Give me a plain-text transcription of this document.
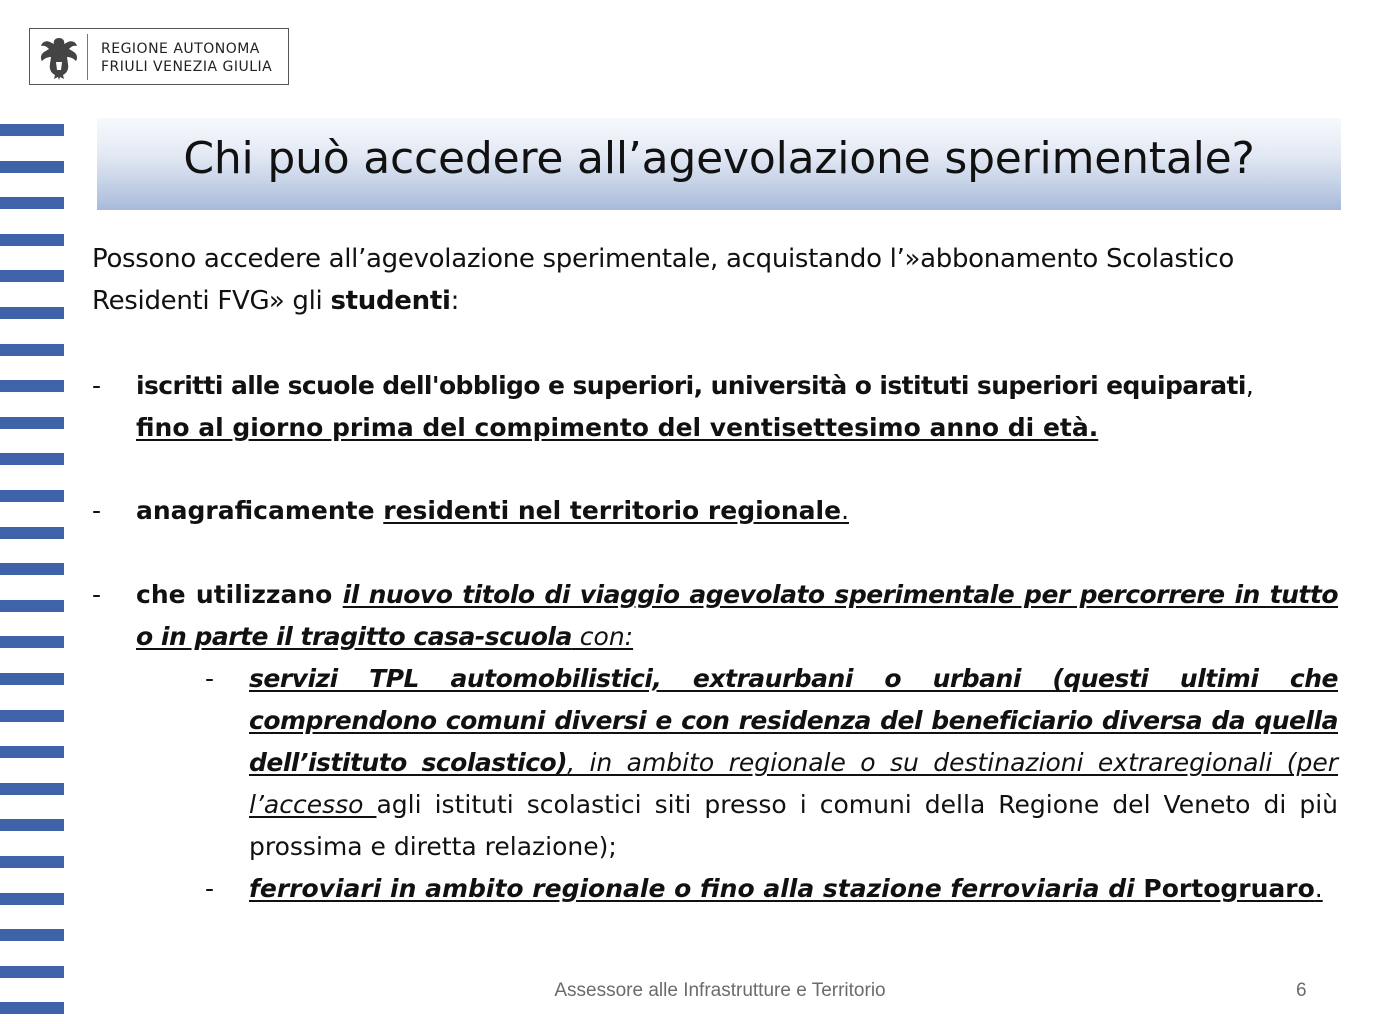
REGIONE AUTONOMA
FRIULI VENEZIA GIULIA
Chi può accedere all’agevolazione sperimentale?
Possono accedere all’agevolazione sperimentale, acquistando l’»abbonamento Scolastico
Residenti FVG» gli studenti:
-	iscritti alle scuole dell'obbligo e superiori, università o istituti superiori equiparati,
fino al giorno prima del compimento del ventisettesimo anno di età.
-	anagraficamente residenti nel territorio regionale.
-	che utilizzano il nuovo titolo di viaggio agevolato sperimentale per percorrere in tutto o in parte il tragitto casa-scuola con:
-	servizi TPL automobilistici, extraurbani o urbani (questi ultimi che comprendono comuni diversi e con residenza del beneficiario diversa da quella dell’istituto scolastico), in ambito regionale o su destinazioni extraregionali (per l’accesso agli istituti scolastici siti presso i comuni della Regione del Veneto di più prossima e diretta relazione);
-	ferroviari in ambito regionale o fino alla stazione ferroviaria di Portogruaro.
Assessore alle Infrastrutture e Territorio	6
